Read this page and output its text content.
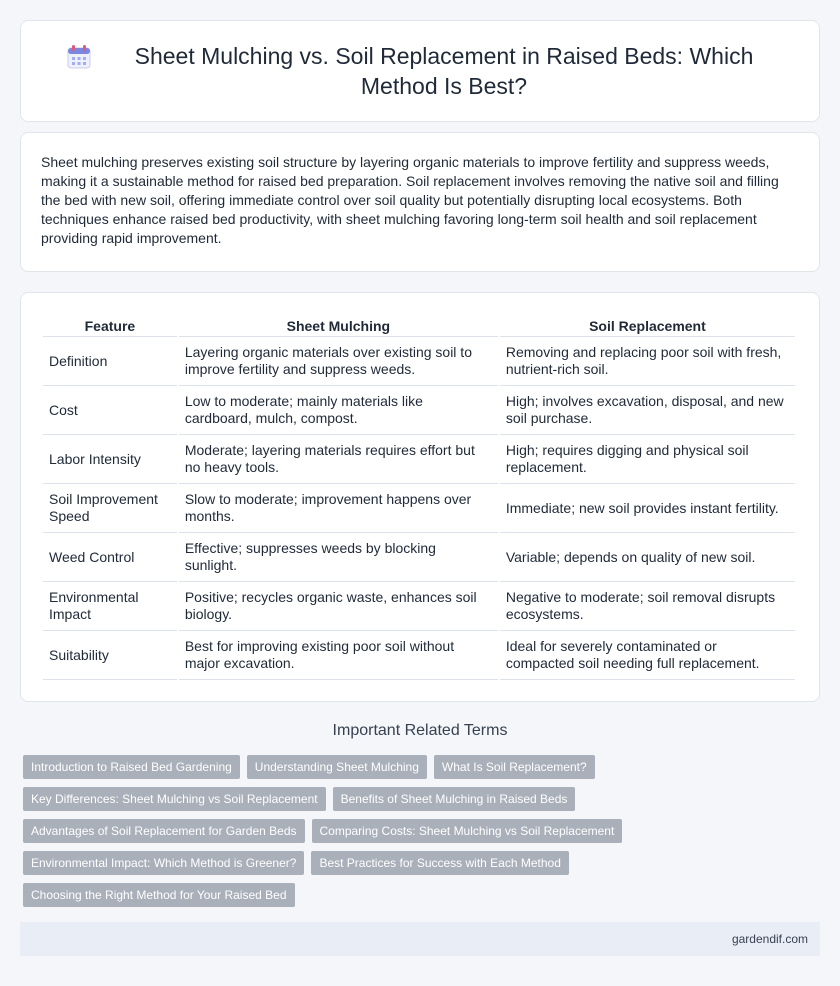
Sheet Mulching vs. Soil Replacement in Raised Beds: Which Method Is Best?

Sheet mulching preserves existing soil structure by layering organic materials to improve fertility and suppress weeds, making it a sustainable method for raised bed preparation. Soil replacement involves removing the native soil and filling the bed with new soil, offering immediate control over soil quality but potentially disrupting local ecosystems. Both techniques enhance raised bed productivity, with sheet mulching favoring long-term soil health and soil replacement providing rapid improvement.

Feature	Sheet Mulching	Soil Replacement
Definition	Layering organic materials over existing soil to improve fertility and suppress weeds.	Removing and replacing poor soil with fresh, nutrient-rich soil.
Cost	Low to moderate; mainly materials like cardboard, mulch, compost.	High; involves excavation, disposal, and new soil purchase.
Labor Intensity	Moderate; layering materials requires effort but no heavy tools.	High; requires digging and physical soil replacement.
Soil Improvement Speed	Slow to moderate; improvement happens over months.	Immediate; new soil provides instant fertility.
Weed Control	Effective; suppresses weeds by blocking sunlight.	Variable; depends on quality of new soil.
Environmental Impact	Positive; recycles organic waste, enhances soil biology.	Negative to moderate; soil removal disrupts ecosystems.
Suitability	Best for improving existing poor soil without major excavation.	Ideal for severely contaminated or compacted soil needing full replacement.
Important Related Terms
Introduction to Raised Bed Gardening	Understanding Sheet Mulching	What Is Soil Replacement?
Key Differences: Sheet Mulching vs Soil Replacement	Benefits of Sheet Mulching in Raised Beds
Advantages of Soil Replacement for Garden Beds	Comparing Costs: Sheet Mulching vs Soil Replacement
Environmental Impact: Which Method is Greener?	Best Practices for Success with Each Method
Choosing the Right Method for Your Raised Bed
gardendif.com
